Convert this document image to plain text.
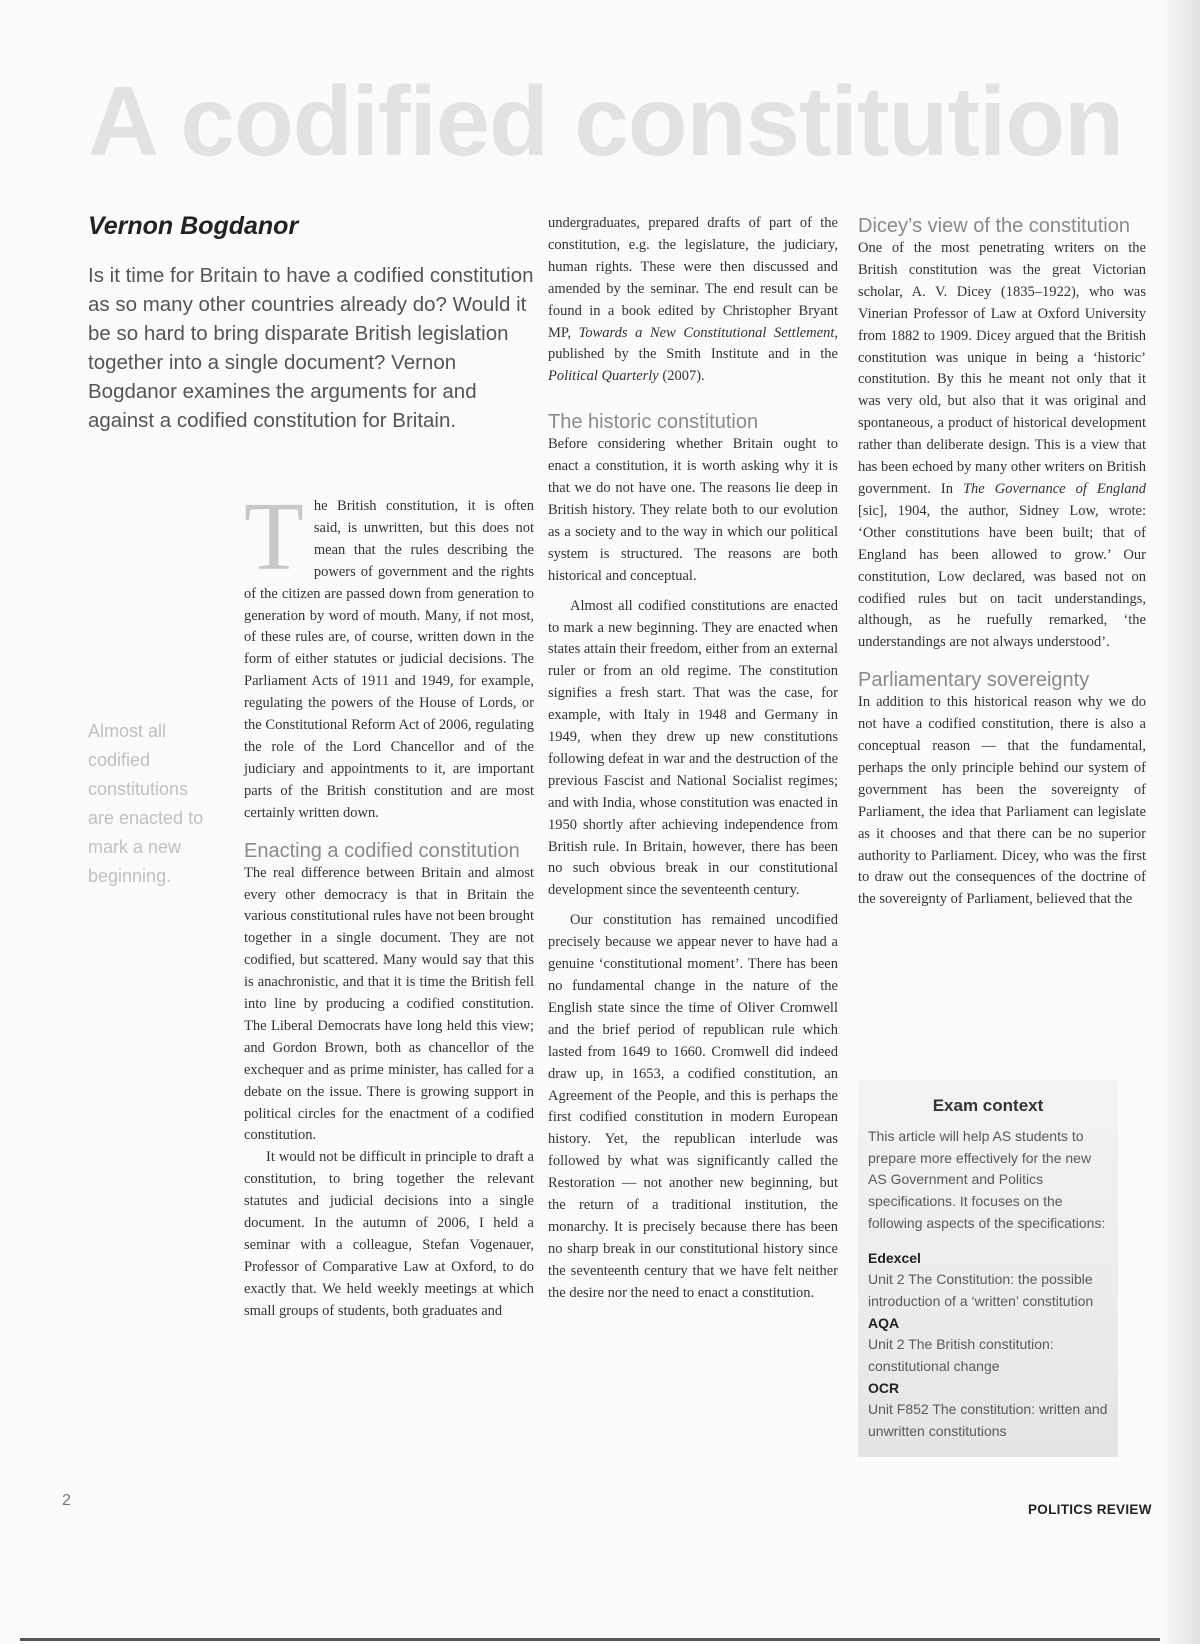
A codified constitution
Vernon Bogdanor

Is it time for Britain to have a codified constitution as so many other countries already do? Would it be so hard to bring disparate British legislation together into a single document? Vernon Bogdanor examines the arguments for and against a codified constitution for Britain.

Almost all codified constitutions are enacted to mark a new beginning.

The British constitution, it is often said, is unwritten, but this does not mean that the rules describing the powers of government and the rights of the citizen are passed down from generation to generation by word of mouth. Many, if not most, of these rules are, of course, written down in the form of either statutes or judicial decisions. The Parliament Acts of 1911 and 1949, for example, regulating the powers of the House of Lords, or the Constitutional Reform Act of 2006, regulating the role of the Lord Chancellor and of the judiciary and appointments to it, are important parts of the British constitution and are most certainly written down.

Enacting a codified constitution

The real difference between Britain and almost every other democracy is that in Britain the various constitutional rules have not been brought together in a single document. They are not codified, but scattered. Many would say that this is anachronistic, and that it is time the British fell into line by producing a codified constitution. The Liberal Democrats have long held this view; and Gordon Brown, both as chancellor of the exchequer and as prime minister, has called for a debate on the issue. There is growing support in political circles for the enactment of a codified constitution.

It would not be difficult in principle to draft a constitution, to bring together the relevant statutes and judicial decisions into a single document. In the autumn of 2006, I held a seminar with a colleague, Stefan Vogenauer, Professor of Comparative Law at Oxford, to do exactly that. We held weekly meetings at which small groups of students, both graduates and

undergraduates, prepared drafts of part of the constitution, e.g. the legislature, the judiciary, human rights. These were then discussed and amended by the seminar. The end result can be found in a book edited by Christopher Bryant MP, Towards a New Constitutional Settlement, published by the Smith Institute and in the Political Quarterly (2007).

The historic constitution

Before considering whether Britain ought to enact a constitution, it is worth asking why it is that we do not have one. The reasons lie deep in British history. They relate both to our evolution as a society and to the way in which our political system is structured. The reasons are both historical and conceptual.

Almost all codified constitutions are enacted to mark a new beginning. They are enacted when states attain their freedom, either from an external ruler or from an old regime. The constitution signifies a fresh start. That was the case, for example, with Italy in 1948 and Germany in 1949, when they drew up new constitutions following defeat in war and the destruction of the previous Fascist and National Socialist regimes; and with India, whose constitution was enacted in 1950 shortly after achieving independence from British rule. In Britain, however, there has been no such obvious break in our constitutional development since the seventeenth century.

Our constitution has remained uncodified precisely because we appear never to have had a genuine ‘constitutional moment’. There has been no fundamental change in the nature of the English state since the time of Oliver Cromwell and the brief period of republican rule which lasted from 1649 to 1660. Cromwell did indeed draw up, in 1653, a codified constitution, an Agreement of the People, and this is perhaps the first codified constitution in modern European history. Yet, the republican interlude was followed by what was significantly called the Restoration — not another new beginning, but the return of a traditional institution, the monarchy. It is precisely because there has been no sharp break in our constitutional history since the seventeenth century that we have felt neither the desire nor the need to enact a constitution.

Dicey’s view of the constitution

One of the most penetrating writers on the British constitution was the great Victorian scholar, A. V. Dicey (1835–1922), who was Vinerian Professor of Law at Oxford University from 1882 to 1909. Dicey argued that the British constitution was unique in being a ‘historic’ constitution. By this he meant not only that it was very old, but also that it was original and spontaneous, a product of historical development rather than deliberate design. This is a view that has been echoed by many other writers on British government. In The Governance of England [sic], 1904, the author, Sidney Low, wrote: ‘Other constitutions have been built; that of England has been allowed to grow.’ Our constitution, Low declared, was based not on codified rules but on tacit understandings, although, as he ruefully remarked, ‘the understandings are not always understood’.

Parliamentary sovereignty

In addition to this historical reason why we do not have a codified constitution, there is also a conceptual reason — that the fundamental, perhaps the only principle behind our system of government has been the sovereignty of Parliament, the idea that Parliament can legislate as it chooses and that there can be no superior authority to Parliament. Dicey, who was the first to draw out the consequences of the doctrine of the sovereignty of Parliament, believed that the

Exam context

This article will help AS students to prepare more effectively for the new AS Government and Politics specifications. It focuses on the following aspects of the specifications:

Edexcel

Unit 2 The Constitution: the possible introduction of a ‘written’ constitution

AQA

Unit 2 The British constitution: constitutional change

OCR

Unit F852 The constitution: written and unwritten constitutions

2
POLITICS REVIEW
